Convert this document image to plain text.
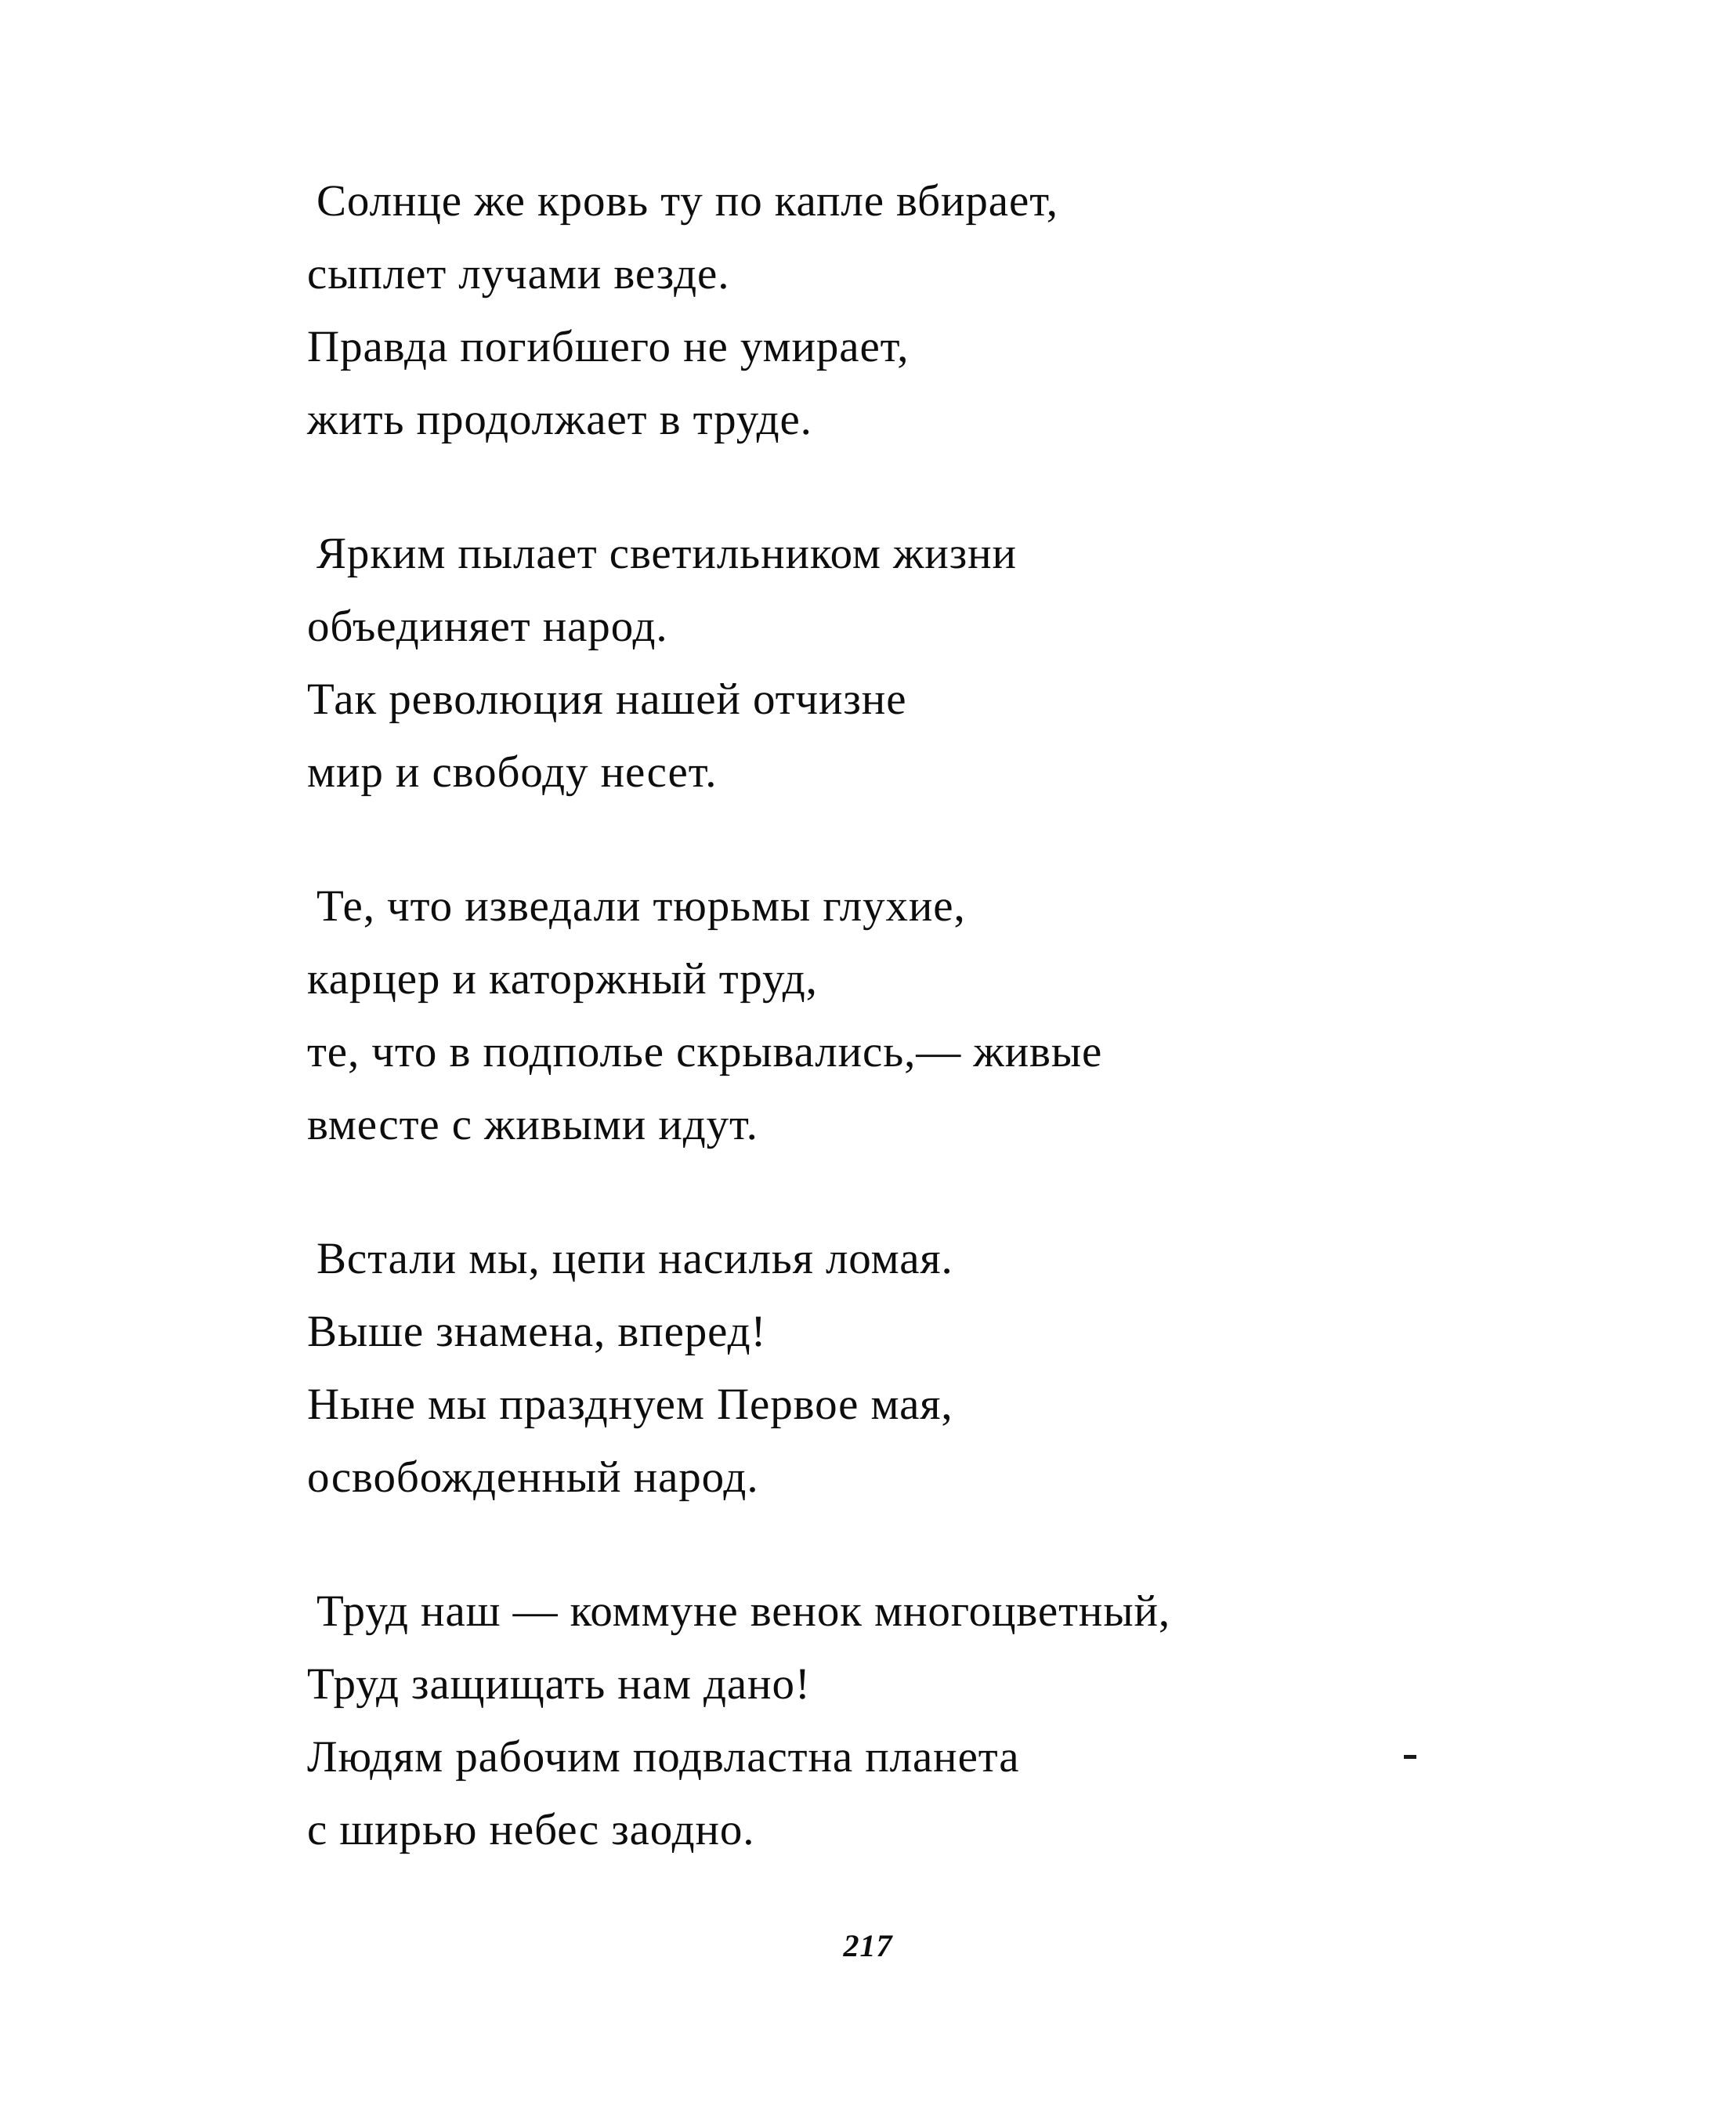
Солнце же кровь ту по капле вбирает,
сыплет лучами везде.
Правда погибшего не умирает,
жить продолжает в труде.
Ярким пылает светильником жизни
объединяет народ.
Так революция нашей отчизне
мир и свободу несет.
Те, что изведали тюрьмы глухие,
карцер и каторжный труд,
те, что в подполье скрывались,— живые
вместе с живыми идут.
Встали мы, цепи насилья ломая.
Выше знамена, вперед!
Ныне мы празднуем Первое мая,
освобожденный народ.
Труд наш — коммуне венок многоцветный,
Труд защищать нам дано!
Людям рабочим подвластна планета
с ширью небес заодно.
217
